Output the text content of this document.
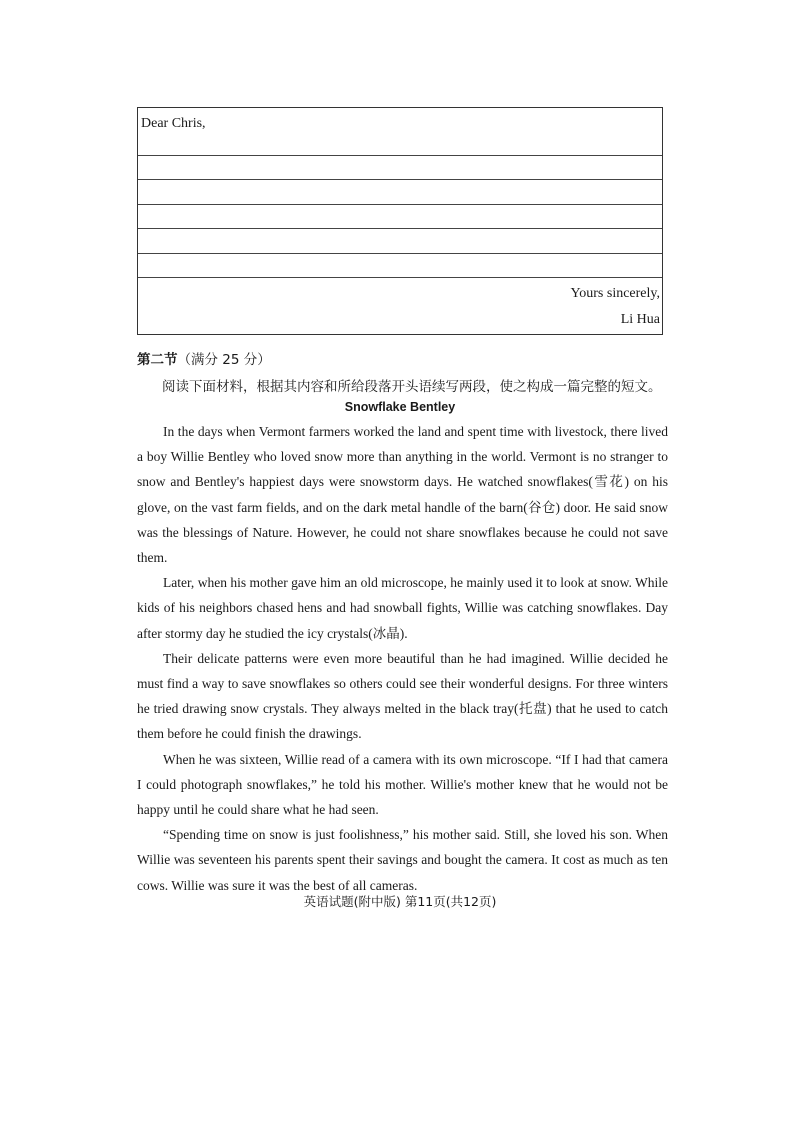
Dear Chris,
Yours sincerely,
Li Hua
第二节（满分 25 分）
阅读下面材料，根据其内容和所给段落开头语续写两段，使之构成一篇完整的短文。
Snowflake Bentley

In the days when Vermont farmers worked the land and spent time with livestock, there lived a boy Willie Bentley who loved snow more than anything in the world. Vermont is no stranger to snow and Bentley's happiest days were snowstorm days. He watched snowflakes(雪花) on his glove, on the vast farm fields, and on the dark metal handle of the barn(谷仓) door. He said snow was the blessings of Nature. However, he could not share snowflakes because he could not save them.

Later, when his mother gave him an old microscope, he mainly used it to look at snow. While kids of his neighbors chased hens and had snowball fights, Willie was catching snowflakes. Day after stormy day he studied the icy crystals(冰晶).

Their delicate patterns were even more beautiful than he had imagined. Willie decided he must find a way to save snowflakes so others could see their wonderful designs. For three winters he tried drawing snow crystals. They always melted in the black tray(托盘) that he used to catch them before he could finish the drawings.

When he was sixteen, Willie read of a camera with its own microscope. “If I had that camera I could photograph snowflakes,” he told his mother. Willie's mother knew that he would not be happy until he could share what he had seen.

“Spending time on snow is just foolishness,” his mother said. Still, she loved his son. When Willie was seventeen his parents spent their savings and bought the camera. It cost as much as ten cows. Willie was sure it was the best of all cameras.

英语试题(附中版) 第11页(共12页)
